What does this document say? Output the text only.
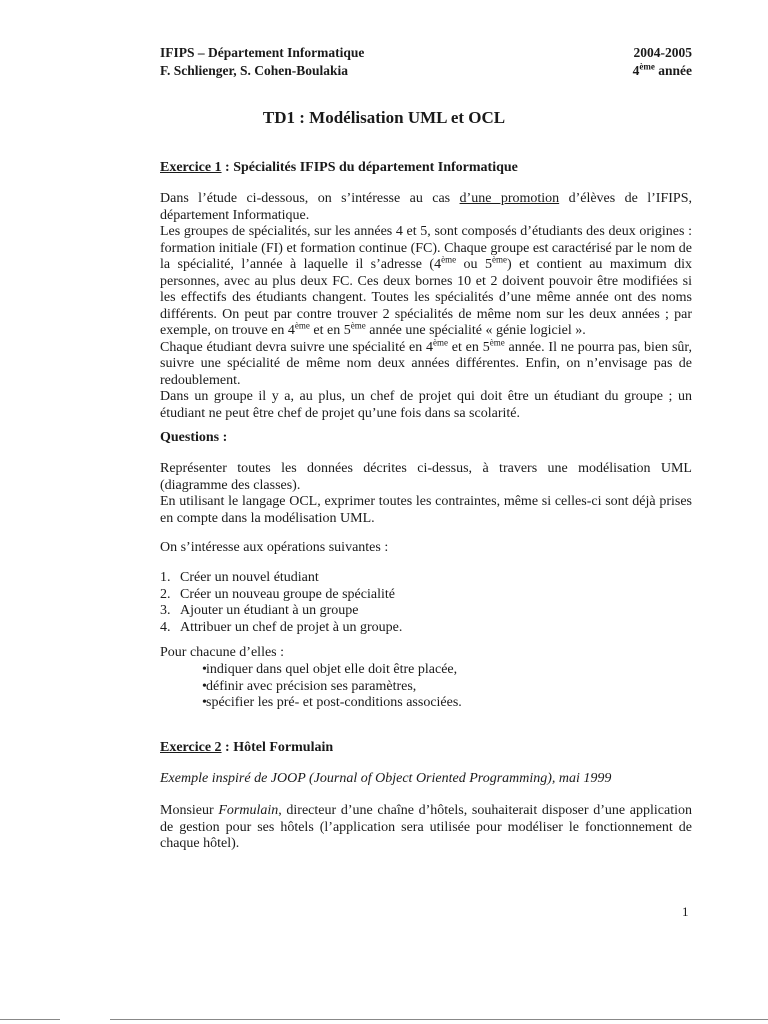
IFIPS – Département Informatique
F. Schlienger, S. Cohen-Boulakia
2004-2005
4ème année
TD1 : Modélisation UML et OCL
Exercice 1 : Spécialités IFIPS du département Informatique

Dans l’étude ci-dessous, on s’intéresse au cas d’une promotion d’élèves de l’IFIPS, département Informatique.

Les groupes de spécialités, sur les années 4 et 5, sont composés d’étudiants des deux origines : formation initiale (FI) et formation continue (FC). Chaque groupe est caractérisé par le nom de la spécialité, l’année à laquelle il s’adresse (4ème ou 5ème) et contient au maximum dix personnes, avec au plus deux FC. Ces deux bornes 10 et 2 doivent pouvoir être modifiées si les effectifs des étudiants changent. Toutes les spécialités d’une même année ont des noms différents. On peut par contre trouver 2 spécialités de même nom sur les deux années ; par exemple, on trouve en 4ème et en 5ème année une spécialité « génie logiciel ».

Chaque étudiant devra suivre une spécialité en 4ème et en 5ème année. Il ne pourra pas, bien sûr, suivre une spécialité de même nom deux années différentes. Enfin, on n’envisage pas de redoublement.

Dans un groupe il y a, au plus, un chef de projet qui doit être un étudiant du groupe ; un étudiant ne peut être chef de projet qu’une fois dans sa scolarité.

Questions :

Représenter toutes les données décrites ci-dessus, à travers une modélisation UML (diagramme des classes).

En utilisant le langage OCL, exprimer toutes les contraintes, même si celles-ci sont déjà prises en compte dans la modélisation UML.

On s’intéresse aux opérations suivantes :
1. Créer un nouvel étudiant
2. Créer un nouveau groupe de spécialité
3. Ajouter un étudiant à un groupe
4. Attribuer un chef de projet à un groupe.
Pour chacune d’elles :
• indiquer dans quel objet elle doit être placée,
• définir avec précision ses paramètres,
• spécifier les pré- et post-conditions associées.
Exercice 2 : Hôtel Formulain
Exemple inspiré de JOOP (Journal of Object Oriented Programming), mai 1999

Monsieur Formulain, directeur d’une chaîne d’hôtels, souhaiterait disposer d’une application de gestion pour ses hôtels (l’application sera utilisée pour modéliser le fonctionnement de chaque hôtel).

1
